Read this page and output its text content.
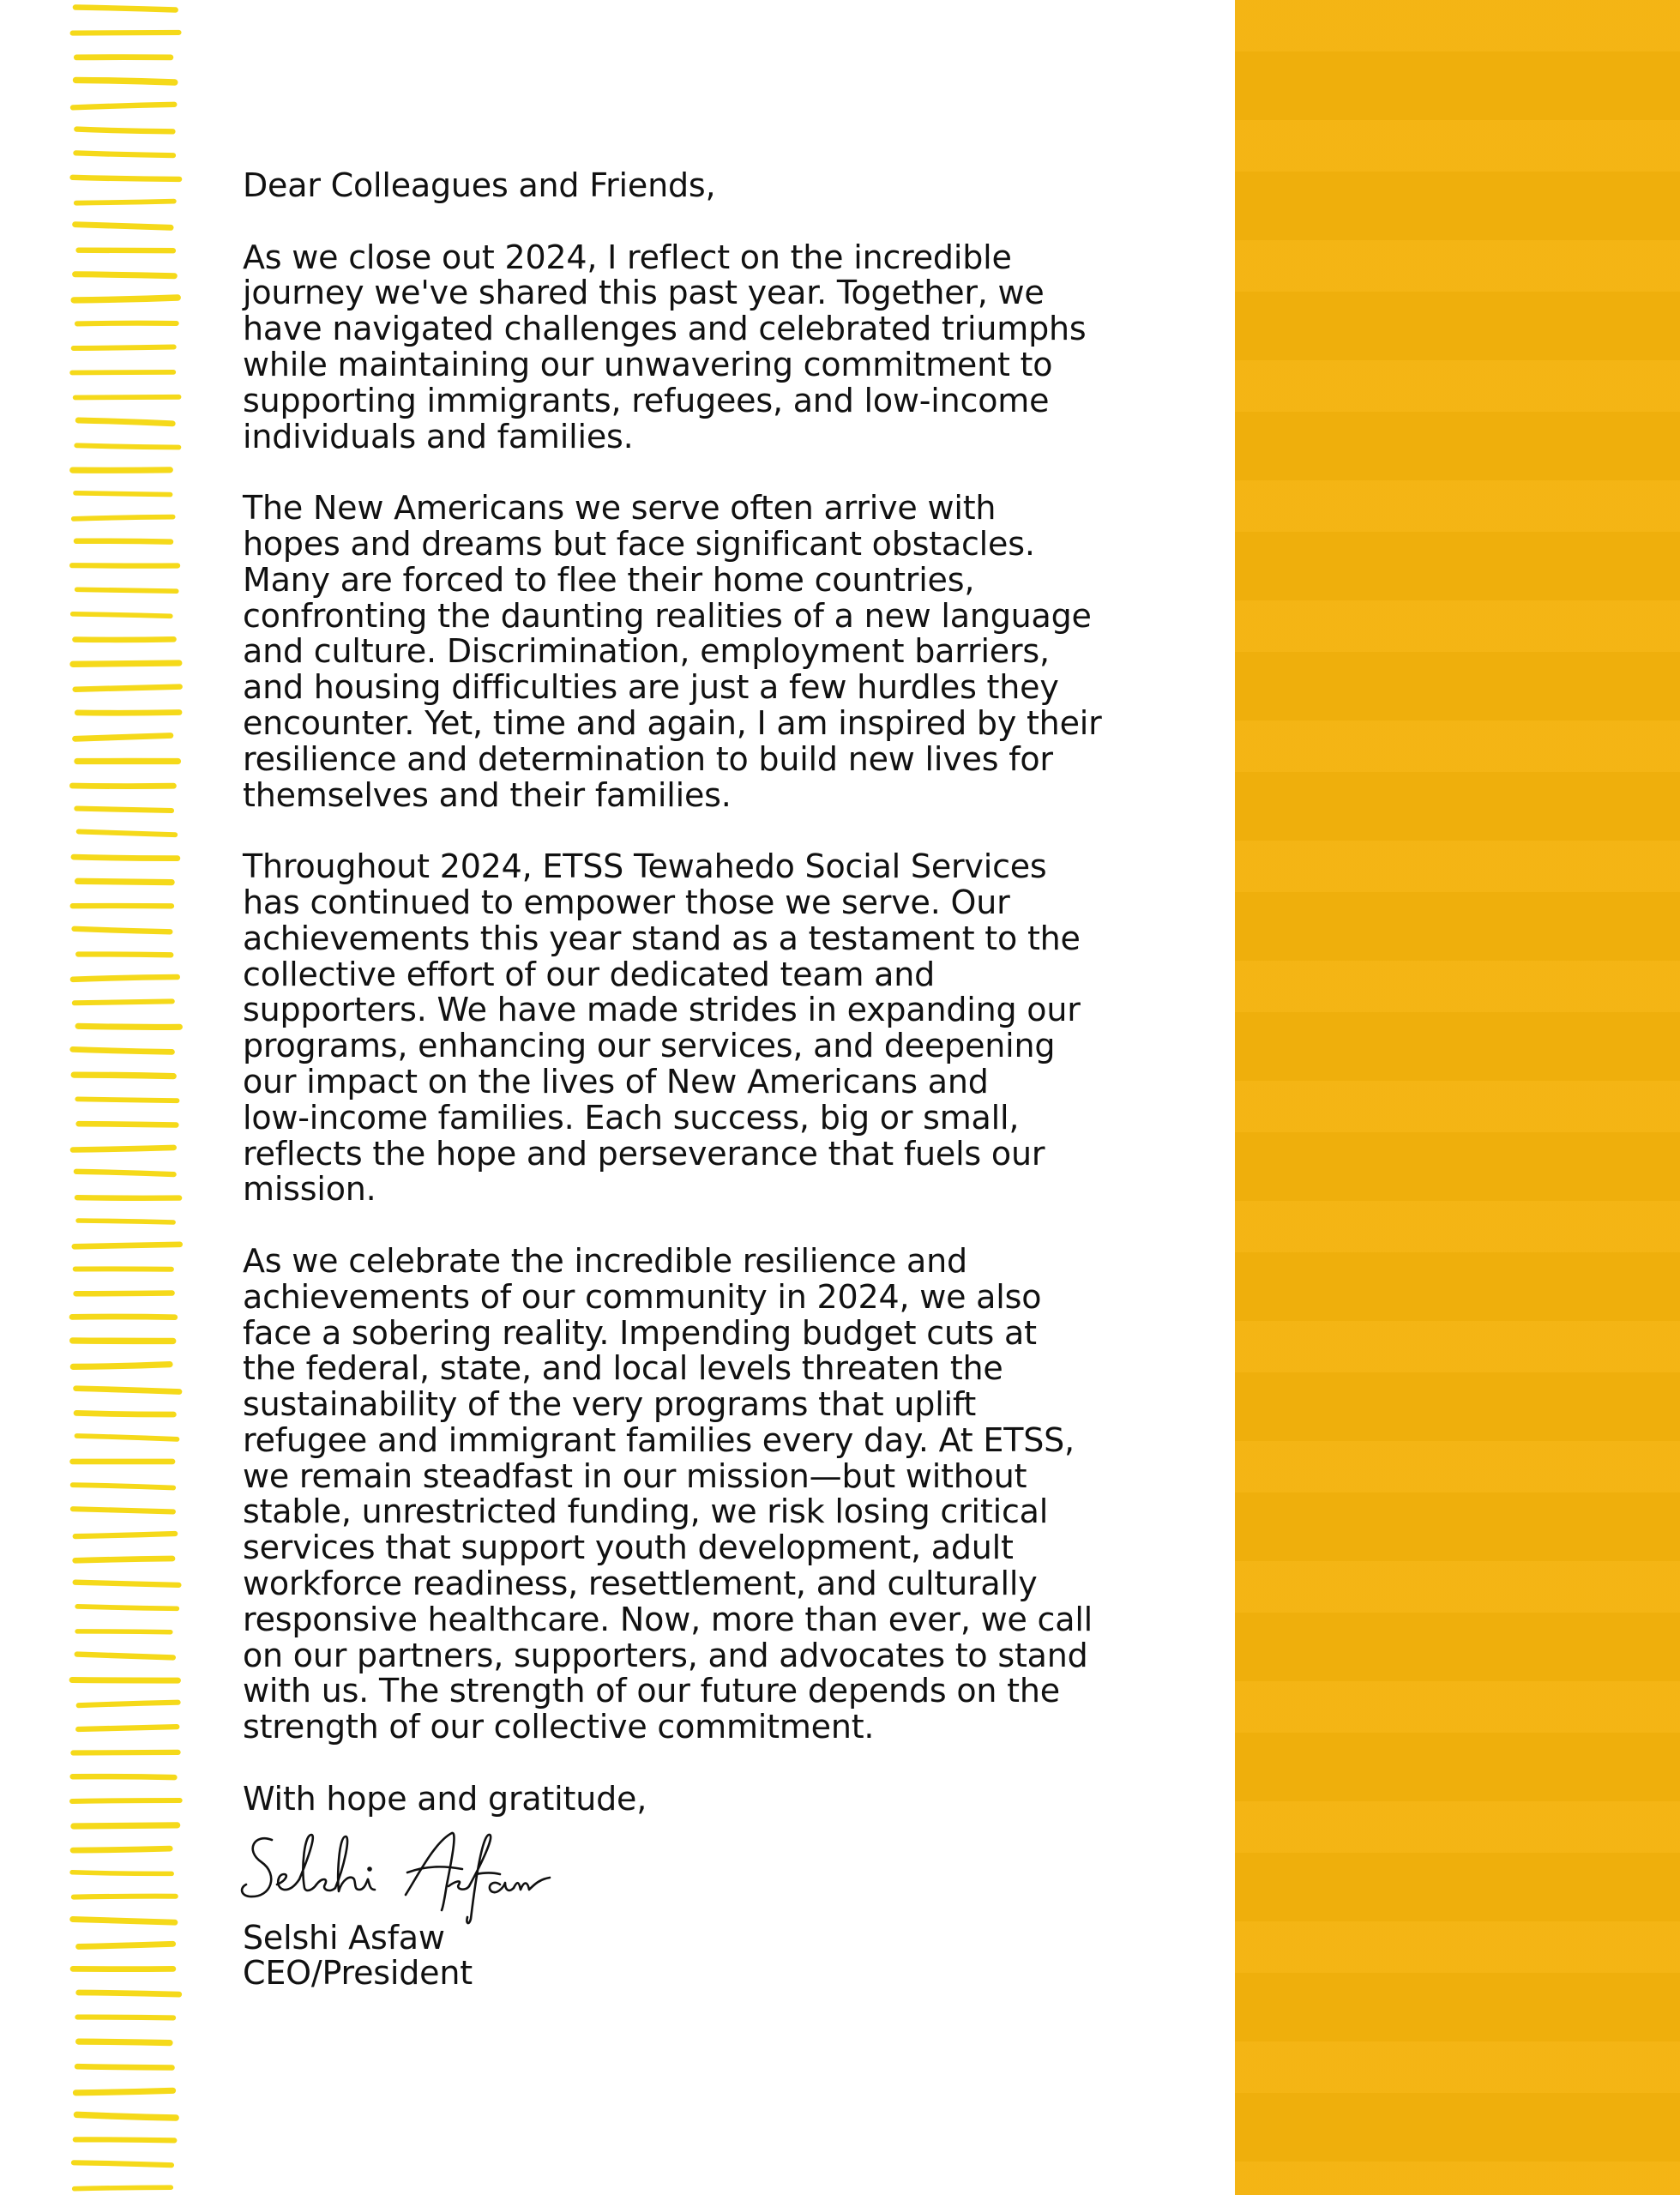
Dear Colleagues and Friends,

As we close out 2024, I reflect on the incredible
journey we've shared this past year. Together, we
have navigated challenges and celebrated triumphs
while maintaining our unwavering commitment to
supporting immigrants, refugees, and low-income
individuals and families.

The New Americans we serve often arrive with
hopes and dreams but face significant obstacles.
Many are forced to flee their home countries,
confronting the daunting realities of a new language
and culture. Discrimination, employment barriers,
and housing difficulties are just a few hurdles they
encounter. Yet, time and again, I am inspired by their
resilience and determination to build new lives for
themselves and their families.

Throughout 2024, ETSS Tewahedo Social Services
has continued to empower those we serve. Our
achievements this year stand as a testament to the
collective effort of our dedicated team and
supporters. We have made strides in expanding our
programs, enhancing our services, and deepening
our impact on the lives of New Americans and
low-income families. Each success, big or small,
reflects the hope and perseverance that fuels our
mission.

As we celebrate the incredible resilience and
achievements of our community in 2024, we also
face a sobering reality. Impending budget cuts at
the federal, state, and local levels threaten the
sustainability of the very programs that uplift
refugee and immigrant families every day. At ETSS,
we remain steadfast in our mission—but without
stable, unrestricted funding, we risk losing critical
services that support youth development, adult
workforce readiness, resettlement, and culturally
responsive healthcare. Now, more than ever, we call
on our partners, supporters, and advocates to stand
with us. The strength of our future depends on the
strength of our collective commitment.

With hope and gratitude,

Selshi Asfaw
CEO/President
